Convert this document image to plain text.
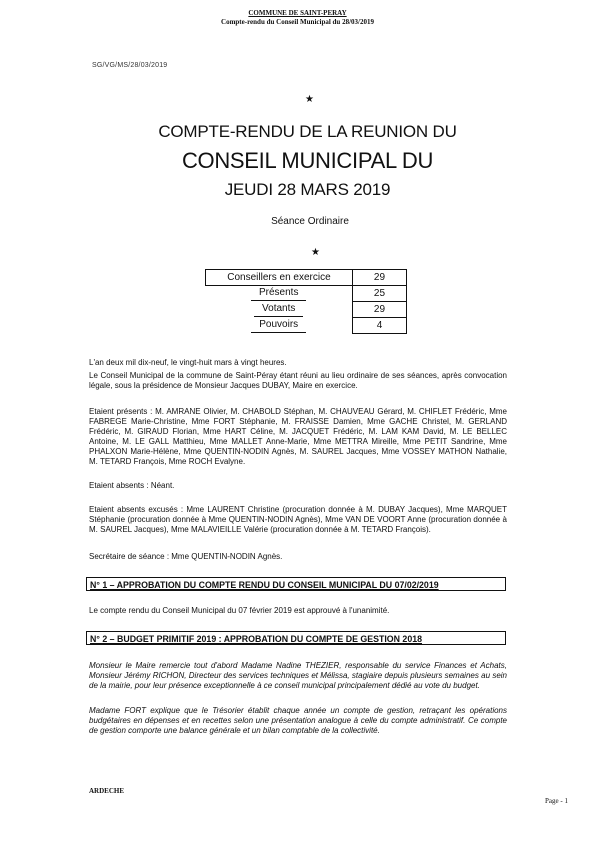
COMMUNE DE SAINT-PERAY
Compte-rendu du Conseil Municipal du 28/03/2019
SG/VG/MS/28/03/2019
★
COMPTE-RENDU DE LA REUNION DU
CONSEIL MUNICIPAL DU
JEUDI 28 MARS 2019
Séance Ordinaire
★
Conseillers en exercice	29
Présents	25
Votants	29
Pouvoirs	4
L'an deux mil dix-neuf, le vingt-huit mars à vingt heures.
Le Conseil Municipal de la commune de Saint-Péray étant réuni au lieu ordinaire de ses séances, après convocation légale, sous la présidence de Monsieur Jacques DUBAY, Maire en exercice.
Etaient présents : M. AMRANE Olivier, M. CHABOLD Stéphan, M. CHAUVEAU Gérard, M. CHIFLET Frédéric, Mme FABREGE Marie-Christine, Mme FORT Stéphanie, M. FRAISSE Damien, Mme GACHE Christel, M. GERLAND Frédéric, M. GIRAUD Florian, Mme HART Céline, M. JACQUET Frédéric, M. LAM KAM David, M. LE BELLEC Antoine, M. LE GALL Matthieu, Mme MALLET Anne-Marie, Mme METTRA Mireille, Mme PETIT Sandrine, Mme PHALXON Marie-Hélène, Mme QUENTIN-NODIN Agnès, M. SAUREL Jacques, Mme VOSSEY MATHON Nathalie, M. TETARD François, Mme ROCH Evalyne.
Etaient absents : Néant.
Etaient absents excusés : Mme LAURENT Christine (procuration donnée à M. DUBAY Jacques), Mme MARQUET Stéphanie (procuration donnée à Mme QUENTIN-NODIN Agnès), Mme VAN DE VOORT Anne (procuration donnée à M. SAUREL Jacques), Mme MALAVIEILLE Valérie (procuration donnée à M. TETARD François).
Secrétaire de séance : Mme QUENTIN-NODIN Agnès.
N° 1 – APPROBATION DU COMPTE RENDU DU CONSEIL MUNICIPAL DU 07/02/2019
Le compte rendu du Conseil Municipal du 07 février 2019 est approuvé à l'unanimité.
N° 2 – BUDGET PRIMITIF 2019 : APPROBATION DU COMPTE DE GESTION 2018
Monsieur le Maire remercie tout d'abord Madame Nadine THEZIER, responsable du service Finances et Achats, Monsieur Jérémy RICHON, Directeur des services techniques et Mélissa, stagiaire depuis plusieurs semaines au sein de la mairie, pour leur présence exceptionnelle à ce conseil municipal principalement dédié au vote du budget.
Madame FORT explique que le Trésorier établit chaque année un compte de gestion, retraçant les opérations budgétaires en dépenses et en recettes selon une présentation analogue à celle du compte administratif. Ce compte de gestion comporte une balance générale et un bilan comptable de la collectivité.
ARDECHE
Page - 1
